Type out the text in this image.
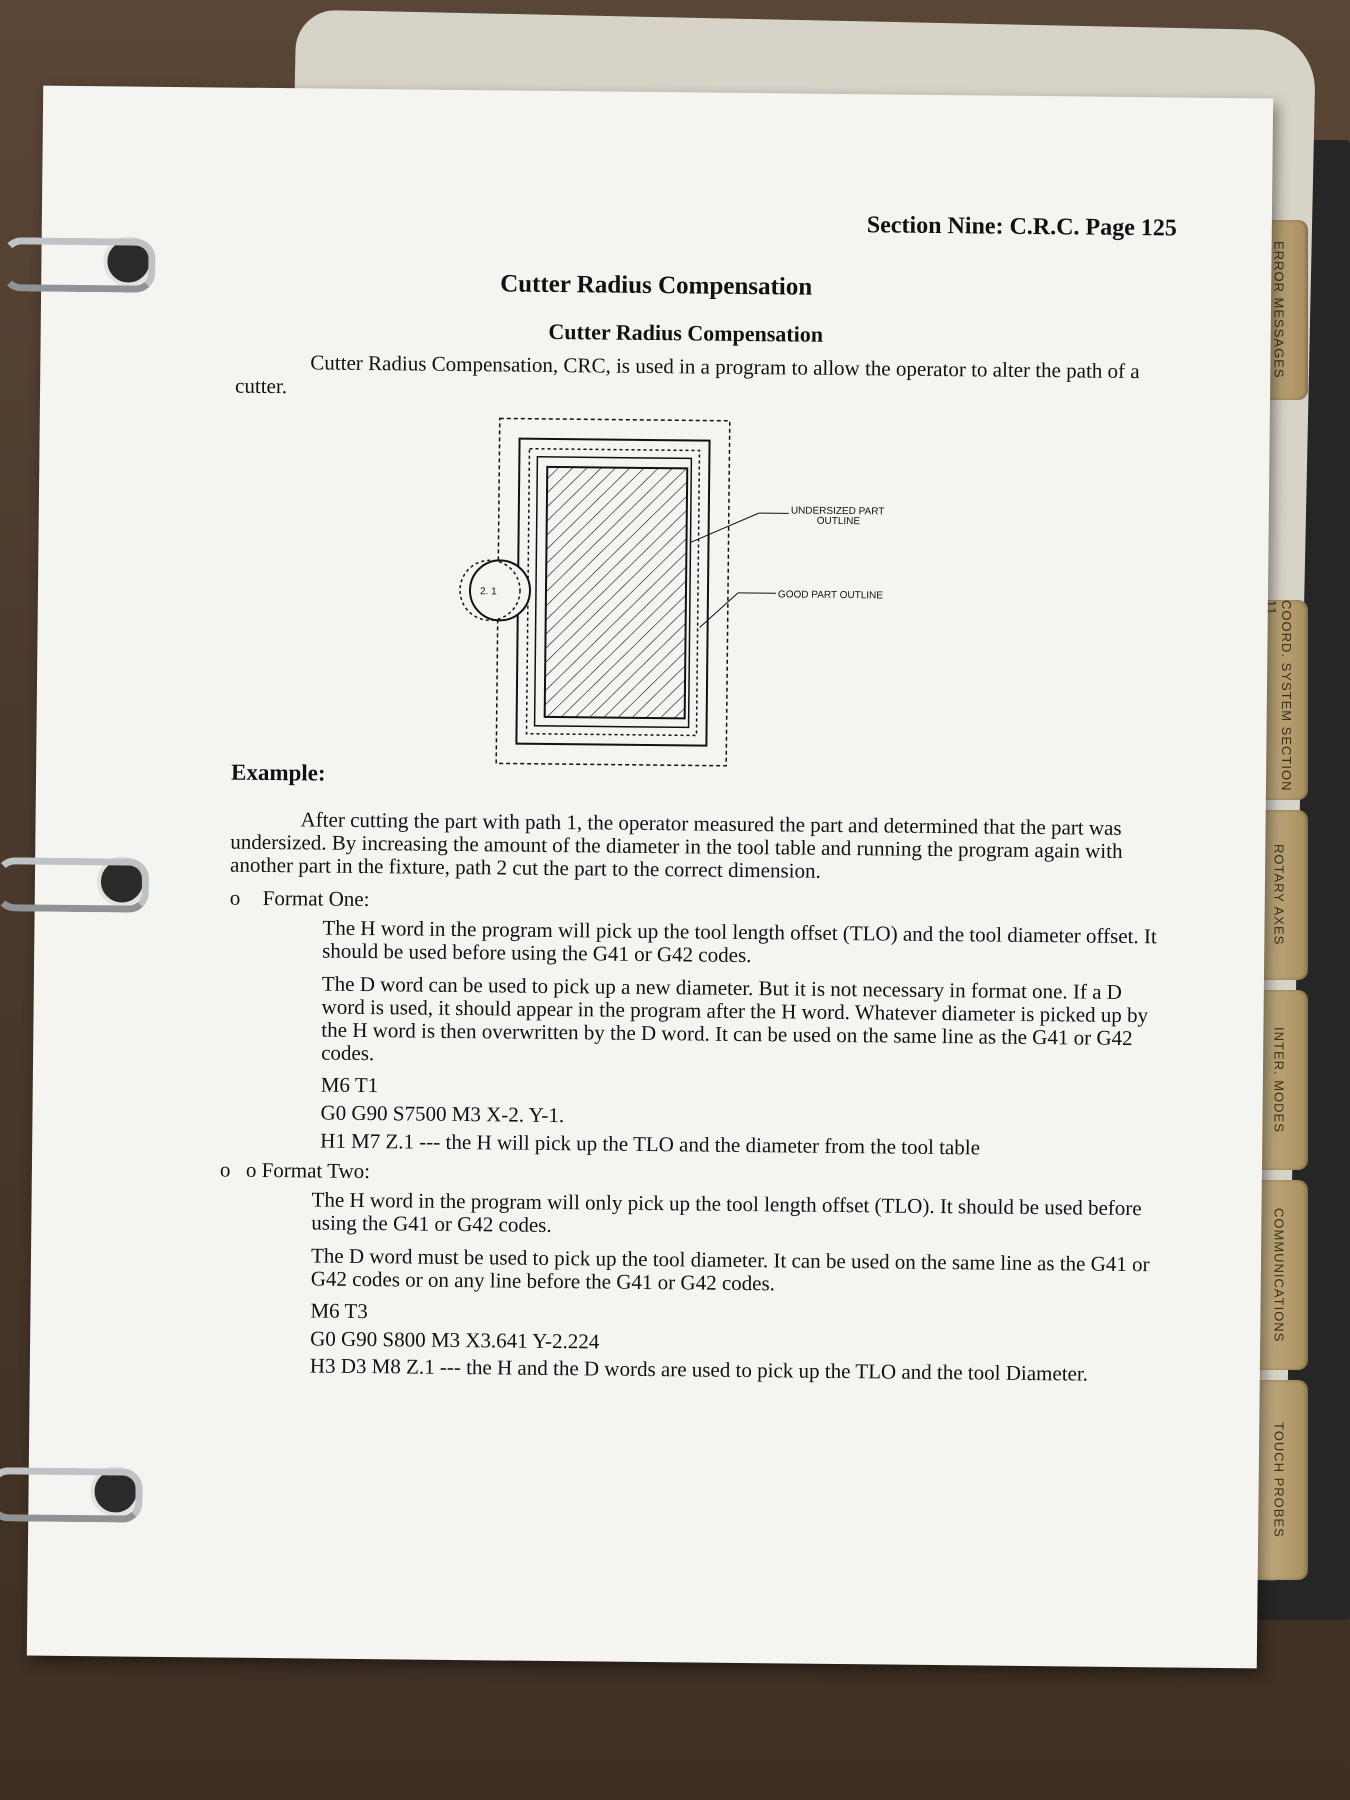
ERROR MESSAGES
COORD. SYSTEM SECTION 11
ROTARY AXES
INTER. MODES
COMMUNICATIONS
TOUCH PROBES
Section Nine: C.R.C. Page 125
Cutter Radius Compensation
Cutter Radius Compensation

Cutter Radius Compensation, CRC, is used in a program to allow the operator to alter the path of a cutter.

2. 1
UNDERSIZED PART
OUTLINE
GOOD PART OUTLINE
Example:

After cutting the part with path 1, the operator measured the part and determined that the part was undersized. By increasing the amount of the diameter in the tool table and running the program again with another part in the fixture, path 2 cut the part to the correct dimension.

o Format One:

The H word in the program will pick up the tool length offset (TLO) and the tool diameter offset. It should be used before using the G41 or G42 codes.

The D word can be used to pick up a new diameter. But it is not necessary in format one. If a D word is used, it should appear in the program after the H word. Whatever diameter is picked up by the H word is then overwritten by the D word. It can be used on the same line as the G41 or G42 codes.

M6 T1
G0 G90 S7500 M3 X-2. Y-1.
H1 M7 Z.1 --- the H will pick up the TLO and the diameter from the tool table
o o Format Two:

The H word in the program will only pick up the tool length offset (TLO). It should be used before using the G41 or G42 codes.

The D word must be used to pick up the tool diameter. It can be used on the same line as the G41 or G42 codes or on any line before the G41 or G42 codes.

M6 T3
G0 G90 S800 M3 X3.641 Y-2.224

H3 D3 M8 Z.1 --- the H and the D words are used to pick up the TLO and the tool Diameter.
